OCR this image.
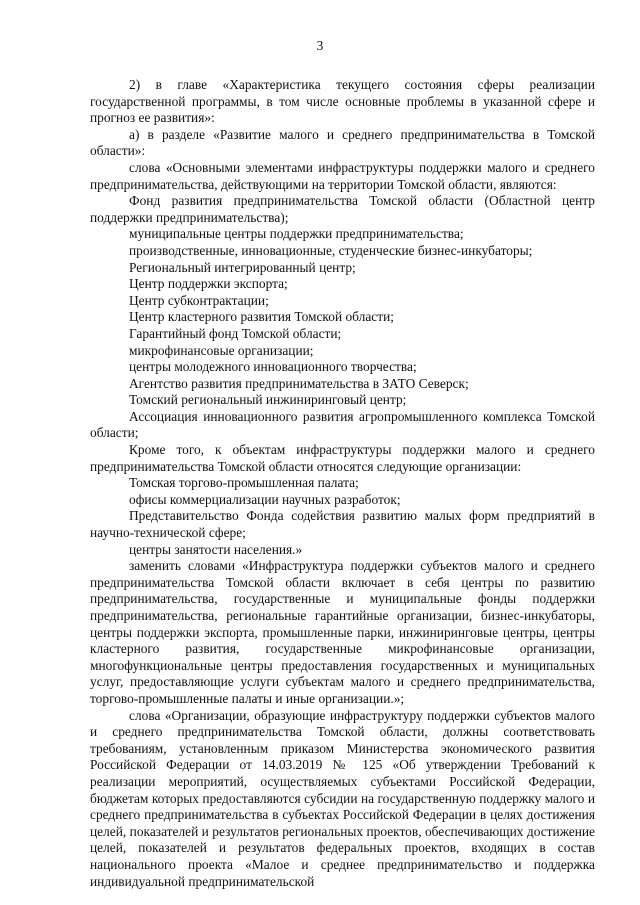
3

2) в главе «Характеристика текущего состояния сферы реализации государственной программы, в том числе основные проблемы в указанной сфере и прогноз ее развития»:

а) в разделе «Развитие малого и среднего предпринимательства в Томской области»:

слова «Основными элементами инфраструктуры поддержки малого и среднего предпринимательства, действующими на территории Томской области, являются:

Фонд развития предпринимательства Томской области (Областной центр поддержки предпринимательства);

муниципальные центры поддержки предпринимательства;

производственные, инновационные, студенческие бизнес-инкубаторы;

Региональный интегрированный центр;

Центр поддержки экспорта;

Центр субконтрактации;

Центр кластерного развития Томской области;

Гарантийный фонд Томской области;

микрофинансовые организации;

центры молодежного инновационного творчества;

Агентство развития предпринимательства в ЗАТО Северск;

Томский региональный инжиниринговый центр;

Ассоциация инновационного развития агропромышленного комплекса Томской области;

Кроме того, к объектам инфраструктуры поддержки малого и среднего предпринимательства Томской области относятся следующие организации:

Томская торгово-промышленная палата;

офисы коммерциализации научных разработок;

Представительство Фонда содействия развитию малых форм предприятий в научно-технической сфере;

центры занятости населения.»

заменить словами «Инфраструктура поддержки субъектов малого и среднего предпринимательства Томской области включает в себя центры по развитию предпринимательства, государственные и муниципальные фонды поддержки предпринимательства, региональные гарантийные организации, бизнес-инкубаторы, центры поддержки экспорта, промышленные парки, инжиниринговые центры, центры кластерного развития, государственные микрофинансовые организации, многофункциональные центры предоставления государственных и муниципальных услуг, предоставляющие услуги субъектам малого и среднего предпринимательства, торгово-промышленные палаты и иные организации.»;

слова «Организации, образующие инфраструктуру поддержки субъектов малого и среднего предпринимательства Томской области, должны соответствовать требованиям, установленным приказом Министерства экономического развития Российской Федерации от 14.03.2019 № 125 «Об утверждении Требований к реализации мероприятий, осуществляемых субъектами Российской Федерации, бюджетам которых предоставляются субсидии на государственную поддержку малого и среднего предпринимательства в субъектах Российской Федерации в целях достижения целей, показателей и результатов региональных проектов, обеспечивающих достижение целей, показателей и результатов федеральных проектов, входящих в состав национального проекта «Малое и среднее предпринимательство и поддержка индивидуальной предпринимательской
